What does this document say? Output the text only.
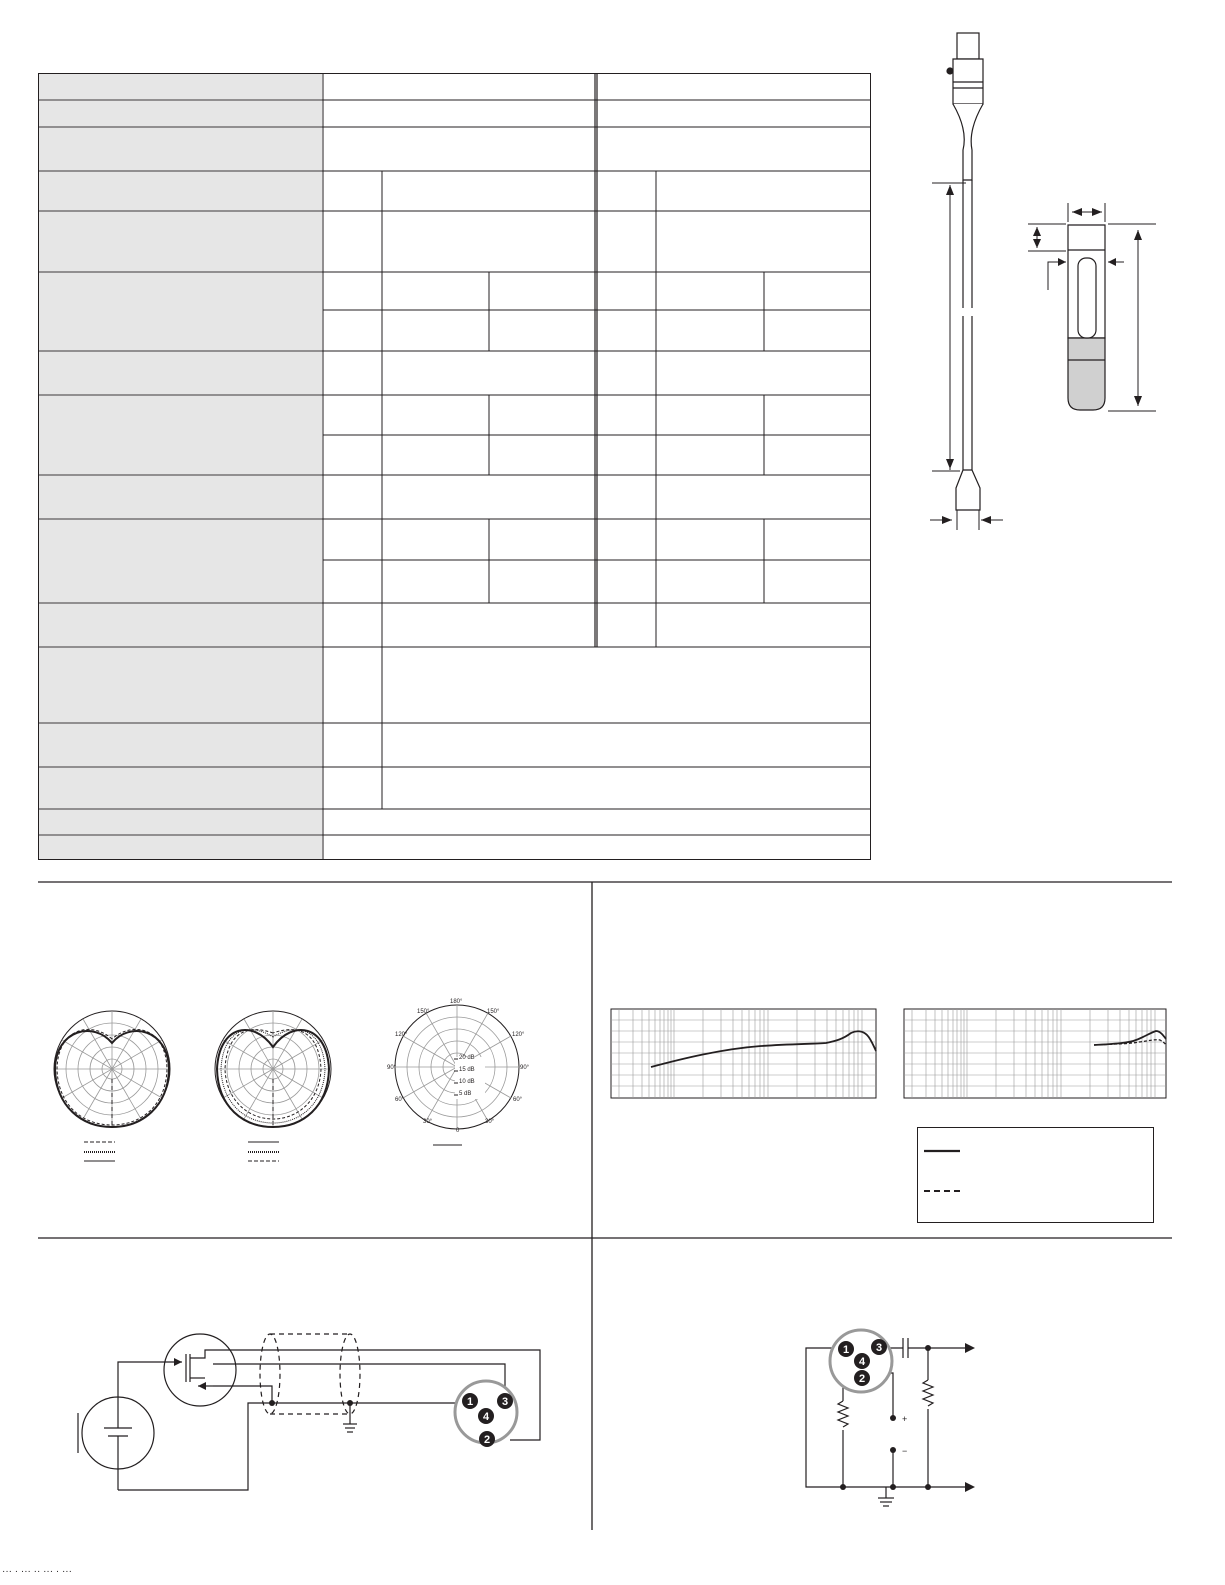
180°
150°	150°
120°	120°
90°	90°
60°	60°
30°	30°
0
20 dB
15 dB
10 dB
5 dB
1
4
3
2
+
−
1
4
3
2
··· · ··· ·· ··· · ···
